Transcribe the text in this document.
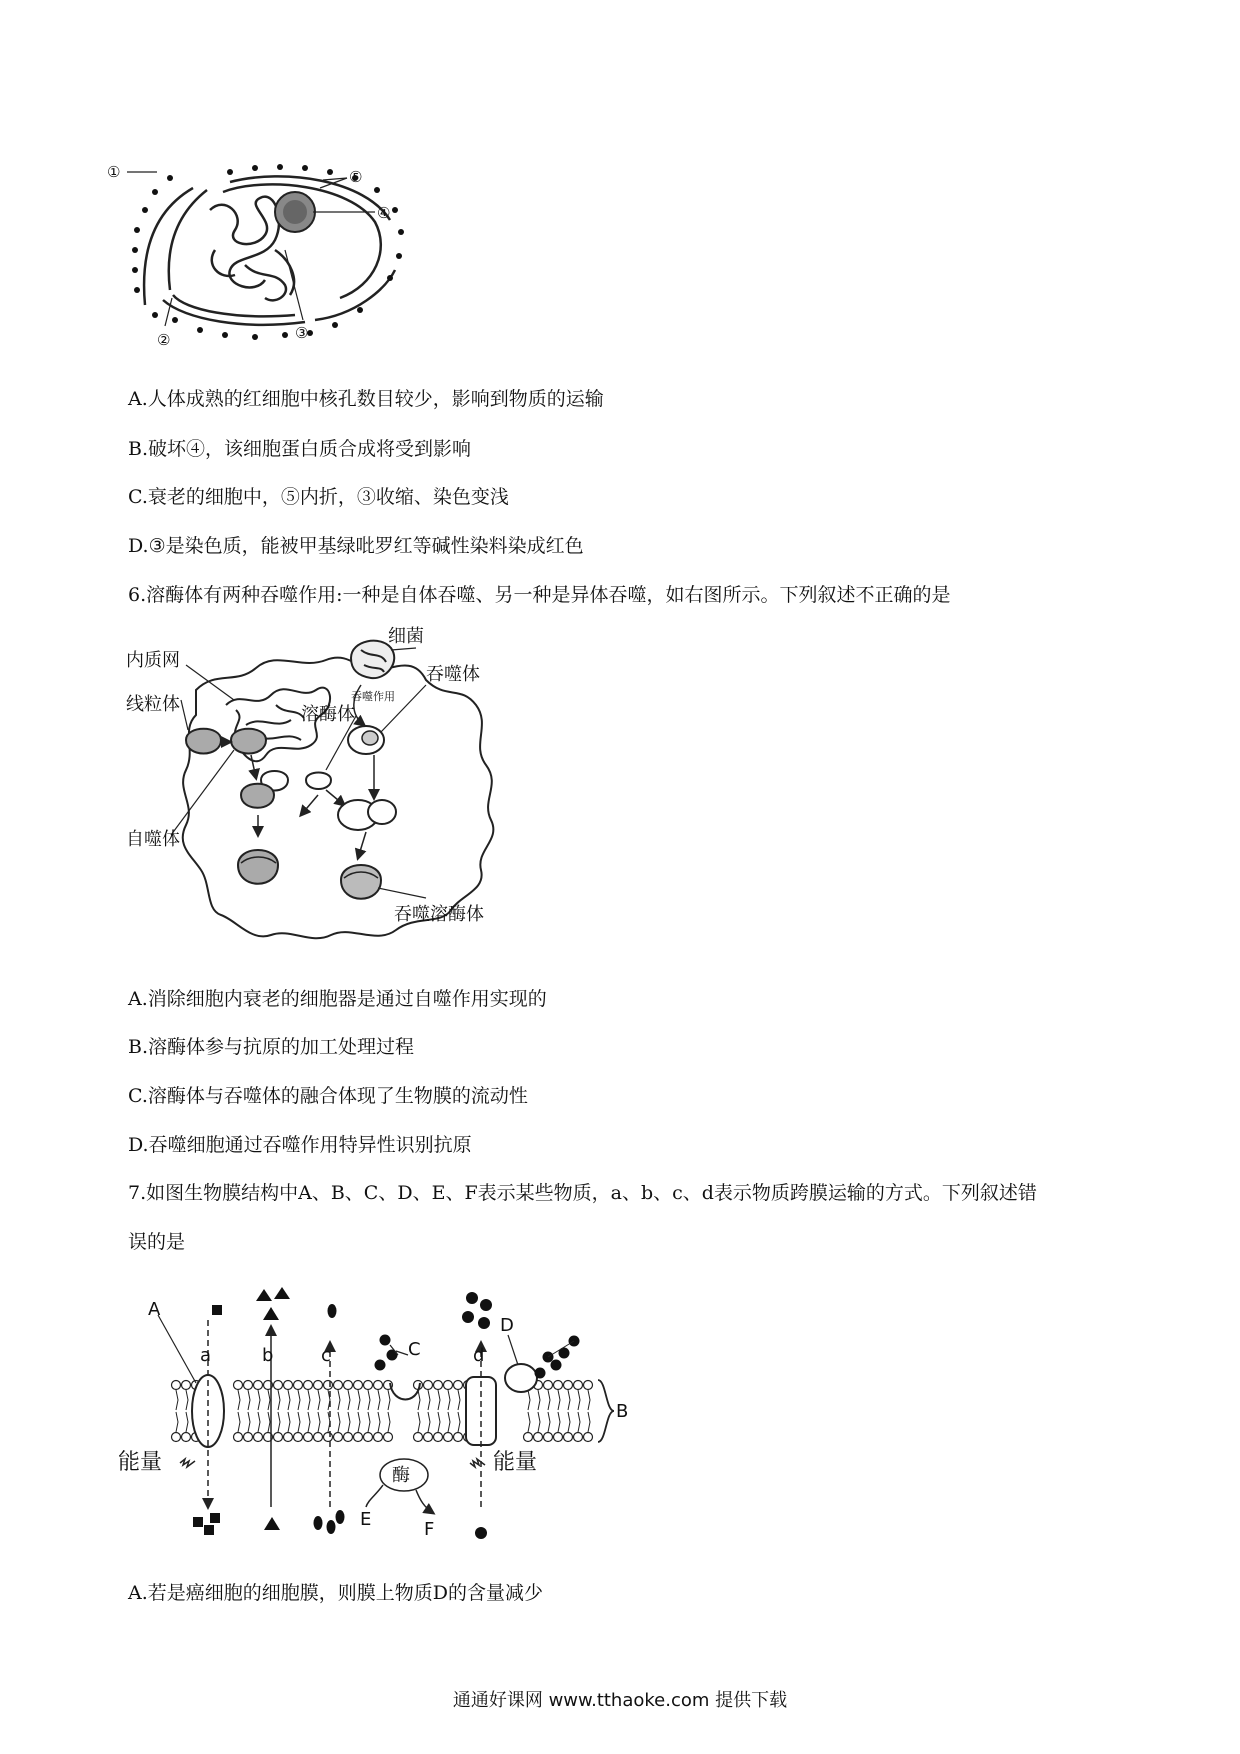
①
②	③
④
⑤
A.人体成熟的红细胞中核孔数目较少，影响到物质的运输
B.破坏④，该细胞蛋白质合成将受到影响
C.衰老的细胞中，⑤内折，③收缩、染色变浅
D.③是染色质，能被甲基绿吡罗红等碱性染料染成红色
6.溶酶体有两种吞噬作用:一种是自体吞噬、另一种是异体吞噬，如右图所示。下列叙述不正确的是
细菌
内质网
吞噬体
吞噬作用
线粒体	溶酶体
自噬体
吞噬溶酶体
A.消除细胞内衰老的细胞器是通过自噬作用实现的
B.溶酶体参与抗原的加工处理过程
C.溶酶体与吞噬体的融合体现了生物膜的流动性
D.吞噬细胞通过吞噬作用特异性识别抗原
7.如图生物膜结构中A、B、C、D、E、F表示某些物质，a、b、c、d表示物质跨膜运输的方式。下列叙述错
误的是
A
B
C
D
E	F
a	b	c	d
能量	能量
酶
A.若是癌细胞的细胞膜，则膜上物质D的含量减少
通通好课网 www.tthaoke.com 提供下载
